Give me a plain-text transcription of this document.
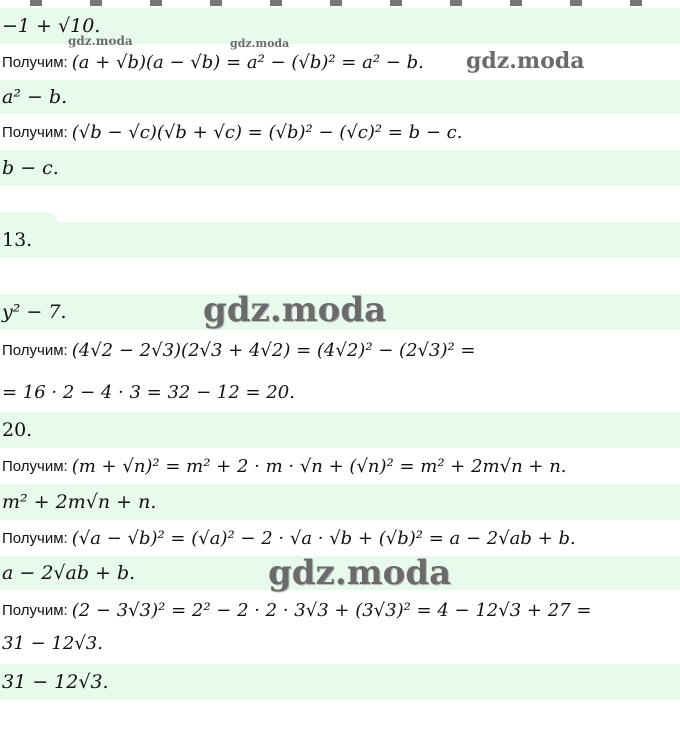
−1 + √10.
Получим: (a + √b)(a − √b) = a² − (√b)² = a² − b.
a² − b.
Получим: (√b − √c)(√b + √c) = (√b)² − (√c)² = b − c.
b − c.
13.
y² − 7.
Получим: (4√2 − 2√3)(2√3 + 4√2) = (4√2)² − (2√3)² =
= 16 · 2 − 4 · 3 = 32 − 12 = 20.
20.
Получим: (m + √n)² = m² + 2 · m · √n + (√n)² = m² + 2m√n + n.
m² + 2m√n + n.
Получим: (√a − √b)² = (√a)² − 2 · √a · √b + (√b)² = a − 2√ab + b.
a − 2√ab + b.
Получим: (2 − 3√3)² = 2² − 2 · 2 · 3√3 + (3√3)² = 4 − 12√3 + 27 =
31 − 12√3.
31 − 12√3.
gdz.moda	gdz.moda
gdz.moda
gdz.moda
gdz.moda
